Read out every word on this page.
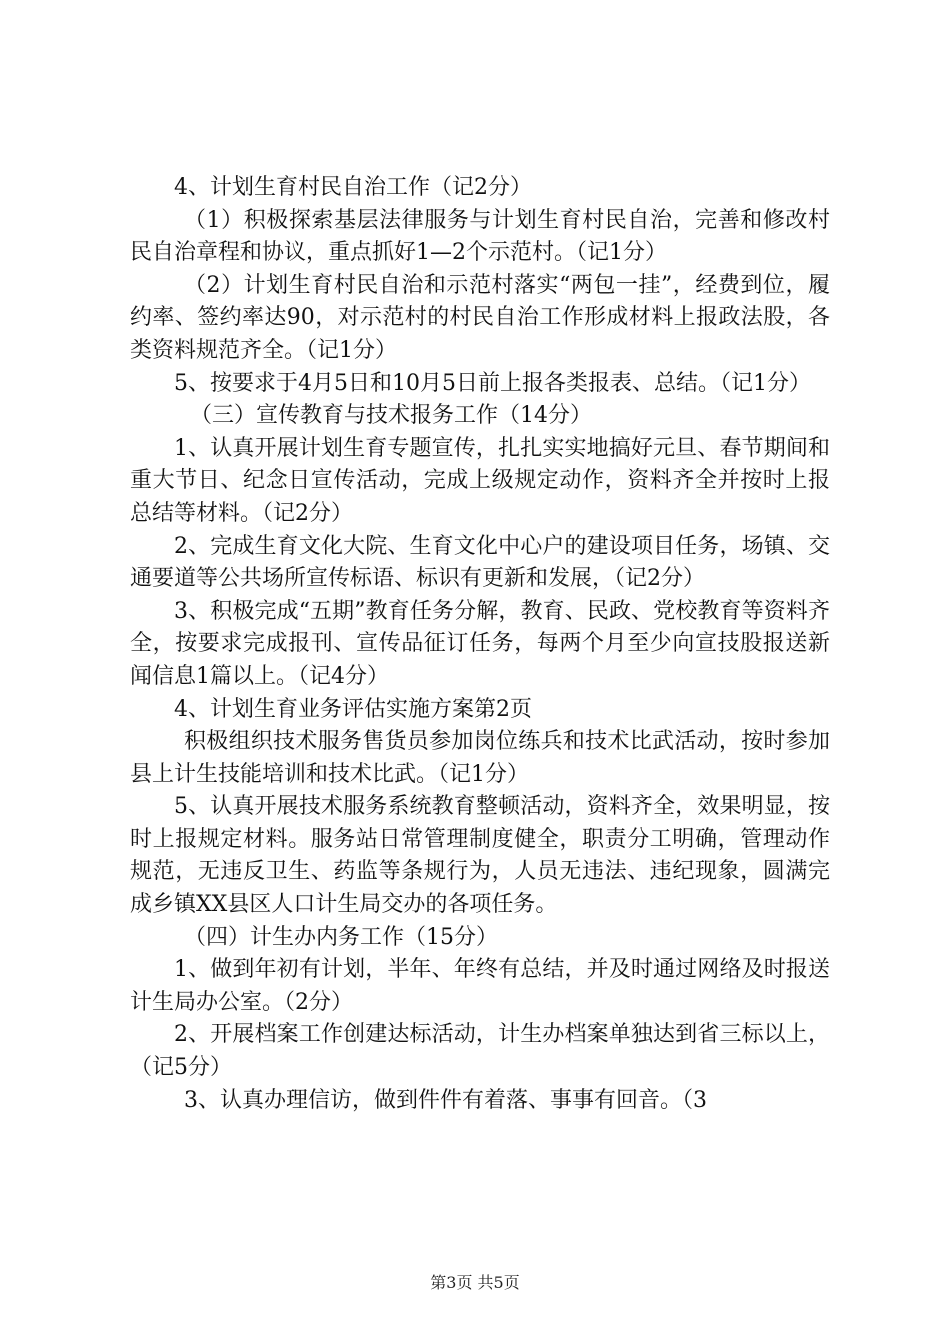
4、计划生育村民自治工作（记2分）

（1）积极探索基层法律服务与计划生育村民自治，完善和修改村民自治章程和协议，重点抓好1—2个示范村。（记1分）

（2）计划生育村民自治和示范村落实“两包一挂”，经费到位，履约率、签约率达90，对示范村的村民自治工作形成材料上报政法股，各类资料规范齐全。（记1分）

5、按要求于4月5日和10月5日前上报各类报表、总结。（记1分）

（三）宣传教育与技术报务工作（14分）

1、认真开展计划生育专题宣传，扎扎实实地搞好元旦、春节期间和重大节日、纪念日宣传活动，完成上级规定动作，资料齐全并按时上报总结等材料。（记2分）

2、完成生育文化大院、生育文化中心户的建设项目任务，场镇、交通要道等公共场所宣传标语、标识有更新和发展，（记2分）

3、积极完成“五期”教育任务分解，教育、民政、党校教育等资料齐全，按要求完成报刊、宣传品征订任务，每两个月至少向宣技股报送新闻信息1篇以上。（记4分）

4、计划生育业务评估实施方案第2页

积极组织技术服务售货员参加岗位练兵和技术比武活动，按时参加县上计生技能培训和技术比武。（记1分）

5、认真开展技术服务系统教育整顿活动，资料齐全，效果明显，按时上报规定材料。服务站日常管理制度健全，职责分工明确，管理动作规范，无违反卫生、药监等条规行为，人员无违法、违纪现象，圆满完成乡镇XX县区人口计生局交办的各项任务。

（四）计生办内务工作（15分）

1、做到年初有计划，半年、年终有总结，并及时通过网络及时报送计生局办公室。（2分）

2、开展档案工作创建达标活动，计生办档案单独达到省三标以上，（记5分）

3、认真办理信访，做到件件有着落、事事有回音。（3

第3页 共5页
